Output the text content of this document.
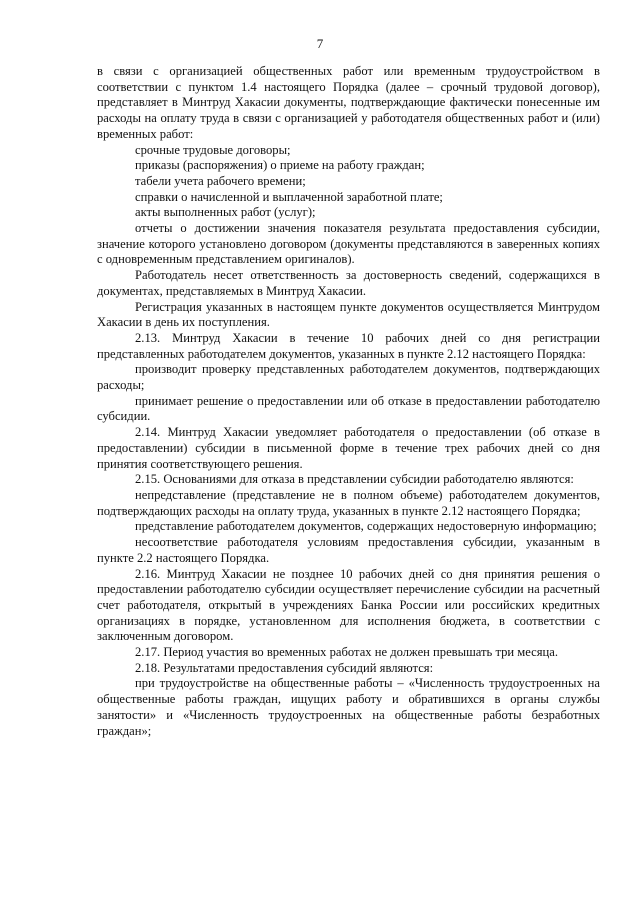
7

в связи с организацией общественных работ или временным трудоустройством в соответствии с пунктом 1.4 настоящего Порядка (далее – срочный трудовой договор), представляет в Минтруд Хакасии документы, подтверждающие фактически понесенные им расходы на оплату труда в связи с организацией у работодателя общественных работ и (или) временных работ:

срочные трудовые договоры;

приказы (распоряжения) о приеме на работу граждан;

табели учета рабочего времени;

справки о начисленной и выплаченной заработной плате;

акты выполненных работ (услуг);

отчеты о достижении значения показателя результата предоставления субсидии, значение которого установлено договором (документы представляются в заверенных копиях с одновременным представлением оригиналов).

Работодатель несет ответственность за достоверность сведений, содержащихся в документах, представляемых в Минтруд Хакасии.

Регистрация указанных в настоящем пункте документов осуществляется Минтрудом Хакасии в день их поступления.

2.13. Минтруд Хакасии в течение 10 рабочих дней со дня регистрации представленных работодателем документов, указанных в пункте 2.12 настоящего Порядка:

производит проверку представленных работодателем документов, подтверждающих расходы;

принимает решение о предоставлении или об отказе в предоставлении работодателю субсидии.

2.14. Минтруд Хакасии уведомляет работодателя о предоставлении (об отказе в предоставлении) субсидии в письменной форме в течение трех рабочих дней со дня принятия соответствующего решения.

2.15. Основаниями для отказа в представлении субсидии работодателю являются:

непредставление (представление не в полном объеме) работодателем документов, подтверждающих расходы на оплату труда, указанных в пункте 2.12 настоящего Порядка;

представление работодателем документов, содержащих недостоверную информацию;

несоответствие работодателя условиям предоставления субсидии, указанным в пункте 2.2 настоящего Порядка.

2.16. Минтруд Хакасии не позднее 10 рабочих дней со дня принятия решения о предоставлении работодателю субсидии осуществляет перечисление субсидии на расчетный счет работодателя, открытый в учреждениях Банка России или российских кредитных организациях в порядке, установленном для исполнения бюджета, в соответствии с заключенным договором.

2.17. Период участия во временных работах не должен превышать три месяца.

2.18. Результатами предоставления субсидий являются:

при трудоустройстве на общественные работы – «Численность трудоустроенных на общественные работы граждан, ищущих работу и обратившихся в органы службы занятости» и «Численность трудоустроенных на общественные работы безработных граждан»;
